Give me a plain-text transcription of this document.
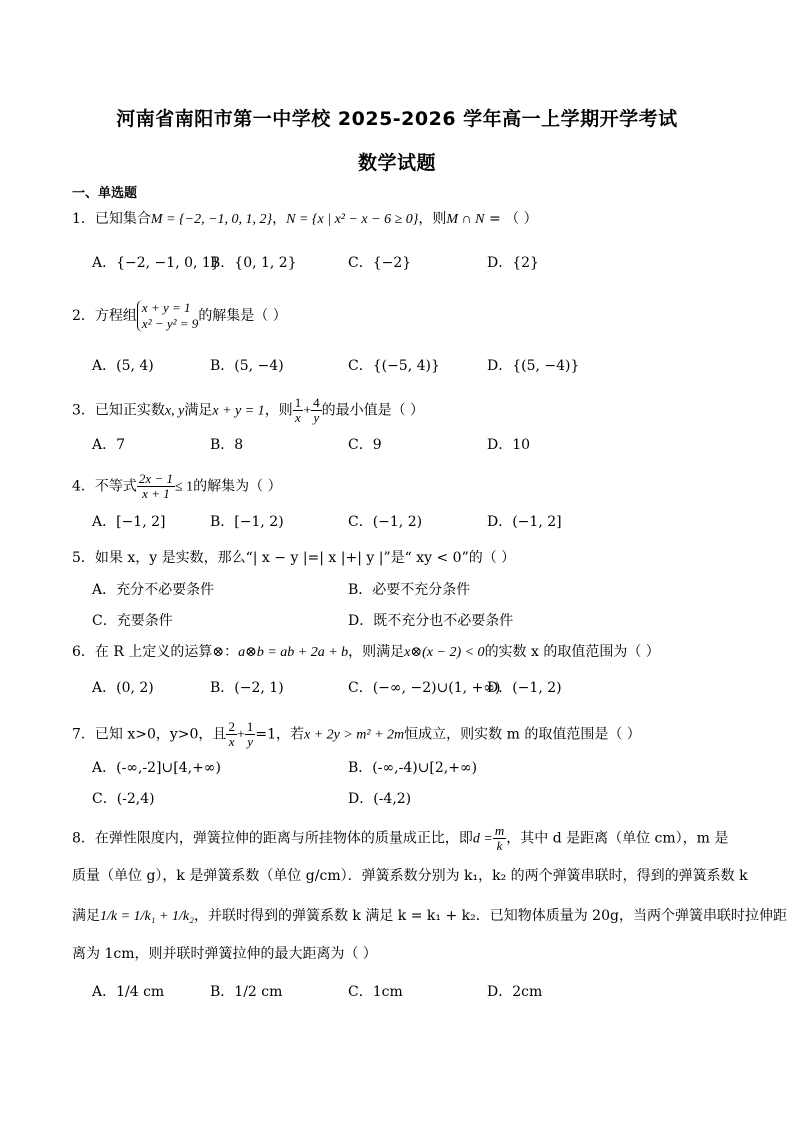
河南省南阳市第一中学校 2025-2026 学年高一上学期开学考试
数学试题
一、单选题
1．已知集合M = {−2, −1, 0, 1, 2}，N = {x | x² − x − 6 ≥ 0}，则M ∩ N = （ ）
A．{−2, −1, 0, 1}
B．{0, 1, 2}	C．{−2}	D．{2}
2．方程组
x + y = 1
x² − y² = 9 的解集是（ ）
A．(5, 4)	B．(5, −4)	C．{(−5, 4)}	D．{(5, −4)}
3．已知正实数x, y满足x + y = 1，则 $\frac{1}{x} + \frac{4}{y}$ 的最小值是（ ）
A．7	B．8	C．9	D．10
4．不等式 $\frac{2x - 1}{x + 1} \le 1$的解集为（ ）
A．[−1, 2]	B．[−1, 2)	C．(−1, 2)	D．(−1, 2]
5．如果 x，y 是实数，那么“| x − y |=| x |+| y |”是“ xy < 0”的（ ）
A．充分不必要条件	B．必要不充分条件
C．充要条件	D．既不充分也不必要条件
6．在 R 上定义的运算⊗：a⊗b = ab + 2a + b，则满足x⊗(x − 2) < 0的实数 x 的取值范围为（ ）
A．(0, 2)	B．(−2, 1)	C．(−∞, −2)∪(1, +∞)
D．(−1, 2)
7．已知 x>0，y>0，且 $\frac{2}{x} + \frac{1}{y} =1$，若x + 2y > m² + 2m恒成立，则实数 m 的取值范围是（ ）
A．(-∞,-2]∪[4,+∞)	B．(-∞,-4)∪[2,+∞)
C．(-2,4)	D．(-4,2)
8．在弹性限度内，弹簧拉伸的距离与所挂物体的质量成正比，即$d = \frac{m}{k}$ ，其中 d 是距离（单位 cm），m 是
质量（单位 g），k 是弹簧系数（单位 g/cm）．弹簧系数分别为 k₁，k₂ 的两个弹簧串联时，得到的弹簧系数 k
满足1/k = 1/k₁ + 1/k₂，并联时得到的弹簧系数 k 满足 k = k₁ + k₂．已知物体质量为 20g，当两个弹簧串联时拉伸距
离为 1cm，则并联时弹簧拉伸的最大距离为（ ）
A．1/4 cm	B．1/2 cm	C．1cm	D．2cm
